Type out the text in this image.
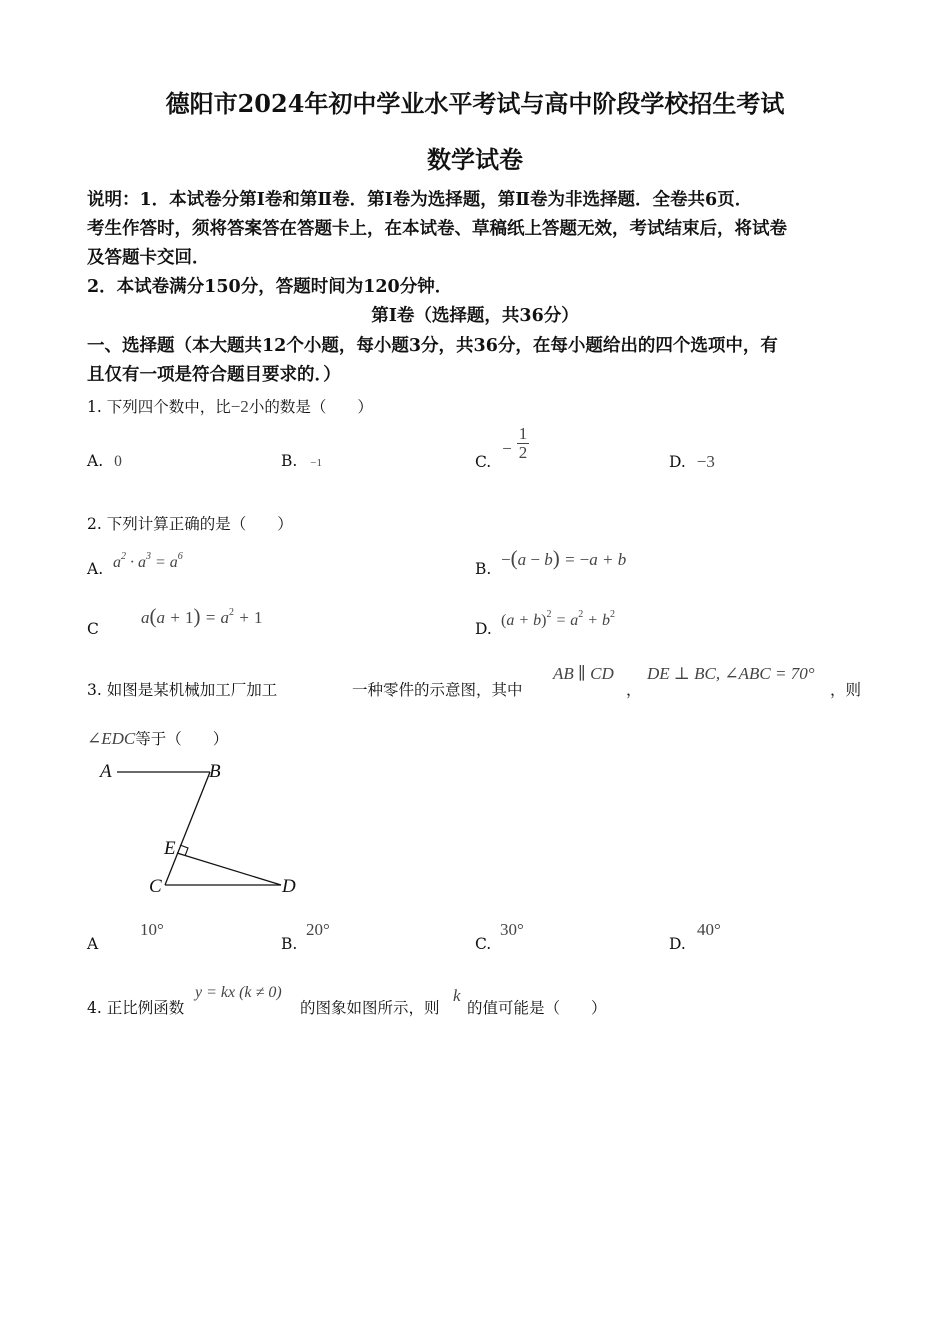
德阳市2024年初中学业水平考试与高中阶段学校招生考试
数学试卷
说明：1．本试卷分第Ⅰ卷和第Ⅱ卷．第Ⅰ卷为选择题，第Ⅱ卷为非选择题．全卷共6页．
考生作答时，须将答案答在答题卡上，在本试卷、草稿纸上答题无效，考试结束后，将试卷
及答题卡交回．
2．本试卷满分150分，答题时间为120分钟．
第Ⅰ卷（选择题，共36分）
一、选择题（本大题共12个小题，每小题3分，共36分，在每小题给出的四个选项中，有
且仅有一项是符合题目要求的．）
1. 下列四个数中，比−2小的数是（　　）
A. 0	B. −1	C. − $\frac{1}{2}$	D. −3
2. 下列计算正确的是（　　）
A. $a^2 \cdot a^3 = a^6$
B. −(a − b) = −a + b
C
$a(a + 1) = a^2 + 1$
D. $(a + b)^2 = a^2 + b^2$
3. 如图是某机械加工厂加工	一种零件的示意图，其中
AB ∥ CD
，
DE ⊥ BC, ∠ABC = 70°
，则
∠EDC等于（　　）
A	B
E
C	D
A
10°
B.
20°
C.
30°
D.
40°
4. 正比例函数
y = kx (k ≠ 0)
的图象如图所示，则
k
的值可能是（　　）
